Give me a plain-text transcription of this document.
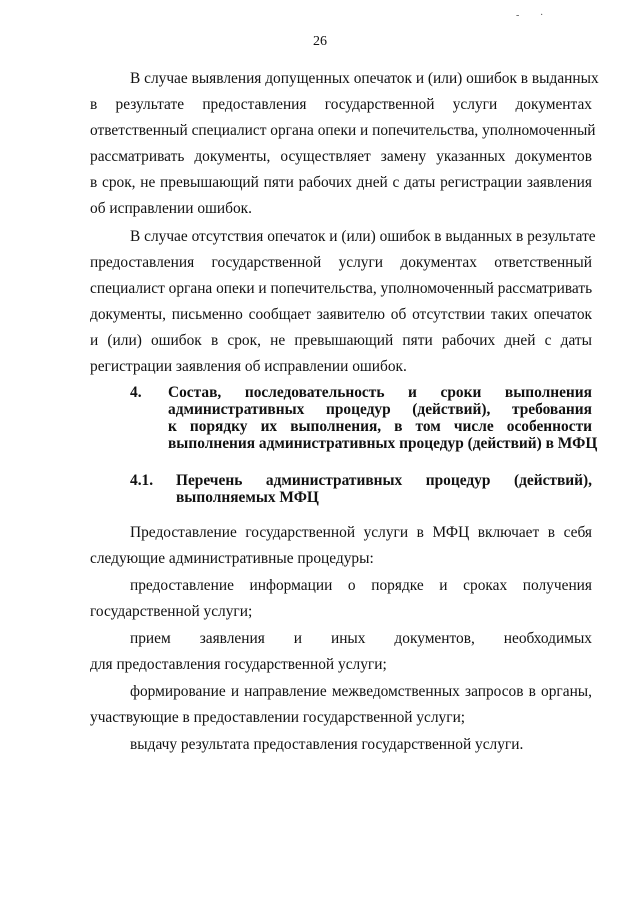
- ·
26
В случае выявления допущенных опечаток и (или) ошибок в выданных
в результате предоставления государственной услуги документах
ответственный специалист органа опеки и попечительства, уполномоченный
рассматривать документы, осуществляет замену указанных документов
в срок, не превышающий пяти рабочих дней с даты регистрации заявления
об исправлении ошибок.
В случае отсутствия опечаток и (или) ошибок в выданных в результате
предоставления государственной услуги документах ответственный
специалист органа опеки и попечительства, уполномоченный рассматривать
документы, письменно сообщает заявителю об отсутствии таких опечаток
и (или) ошибок в срок, не превышающий пяти рабочих дней с даты
регистрации заявления об исправлении ошибок.
4. Состав, последовательность и сроки выполнения
административных процедур (действий), требования
к порядку их выполнения, в том числе особенности
выполнения административных процедур (действий) в МФЦ
4.1. Перечень административных процедур (действий),
выполняемых МФЦ
Предоставление государственной услуги в МФЦ включает в себя
следующие административные процедуры:
предоставление информации о порядке и сроках получения
государственной услуги;
прием заявления и иных документов, необходимых
для предоставления государственной услуги;
формирование и направление межведомственных запросов в органы,
участвующие в предоставлении государственной услуги;
выдачу результата предоставления государственной услуги.
